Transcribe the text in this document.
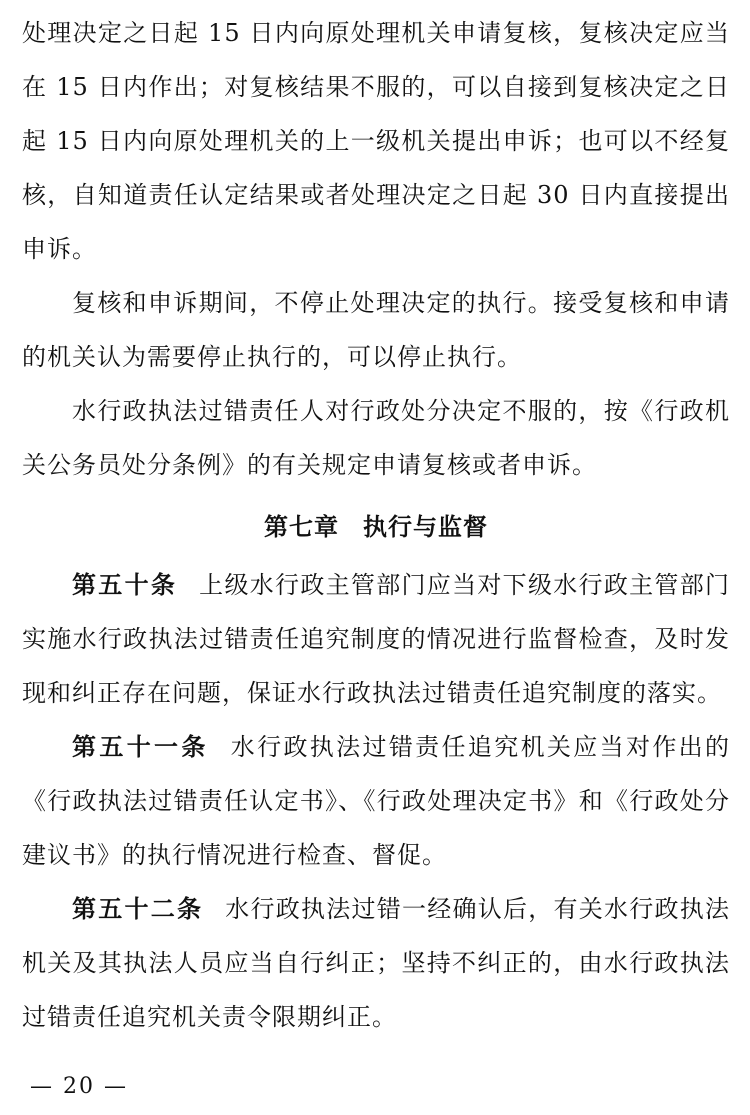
处理决定之日起 15 日内向原处理机关申请复核，复核决定应当在 15 日内作出；对复核结果不服的，可以自接到复核决定之日起 15 日内向原处理机关的上一级机关提出申诉；也可以不经复核，自知道责任认定结果或者处理决定之日起 30 日内直接提出申诉。

复核和申诉期间，不停止处理决定的执行。接受复核和申请的机关认为需要停止执行的，可以停止执行。

水行政执法过错责任人对行政处分决定不服的，按《行政机关公务员处分条例》的有关规定申请复核或者申诉。

第七章 执行与监督

第五十条 上级水行政主管部门应当对下级水行政主管部门实施水行政执法过错责任追究制度的情况进行监督检查，及时发现和纠正存在问题，保证水行政执法过错责任追究制度的落实。

第五十一条 水行政执法过错责任追究机关应当对作出的《行政执法过错责任认定书》、《行政处理决定书》和《行政处分建议书》的执行情况进行检查、督促。

第五十二条 水行政执法过错一经确认后，有关水行政执法机关及其执法人员应当自行纠正；坚持不纠正的，由水行政执法过错责任追究机关责令限期纠正。

— 20 —
